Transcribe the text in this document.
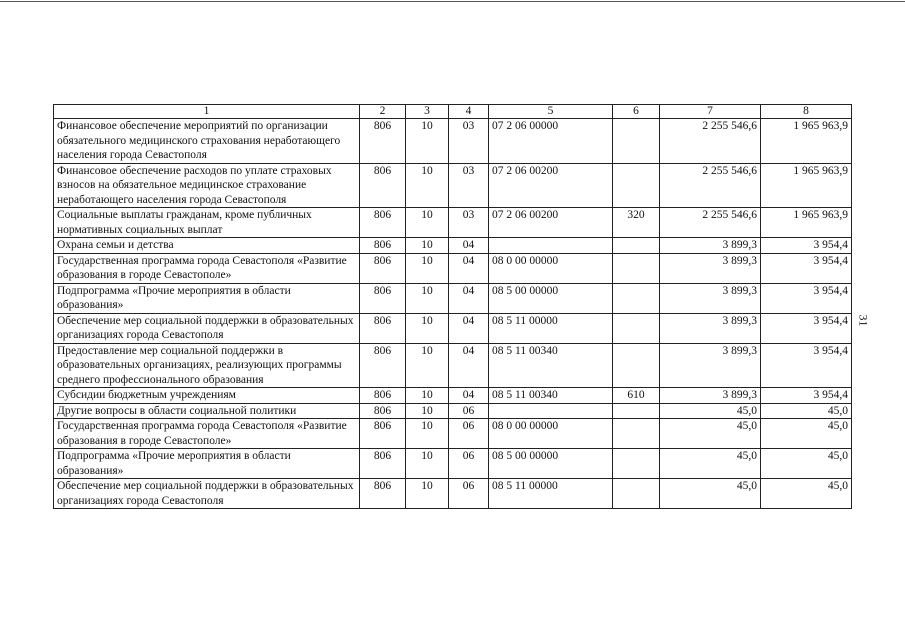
31
1	2	3	4	5	6	7	8
Финансовое обеспечение мероприятий по организации обязательного медицинского страхования неработающего населения города Севастополя	806	10	03	07 2 06 00000		2 255 546,6	1 965 963,9
Финансовое обеспечение расходов по уплате страховых взносов на обязательное медицинское страхование неработающего населения города Севастополя	806	10	03	07 2 06 00200		2 255 546,6	1 965 963,9
Социальные выплаты гражданам, кроме публичных нормативных социальных выплат	806	10	03	07 2 06 00200	320	2 255 546,6	1 965 963,9
Охрана семьи и детства	806	10	04			3 899,3	3 954,4
Государственная программа города Севастополя «Развитие образования в городе Севастополе»	806	10	04	08 0 00 00000		3 899,3	3 954,4
Подпрограмма «Прочие мероприятия в области образования»	806	10	04	08 5 00 00000		3 899,3	3 954,4
Обеспечение мер социальной поддержки в образовательных организациях города Севастополя	806	10	04	08 5 11 00000		3 899,3	3 954,4
Предоставление мер социальной поддержки в образовательных организациях, реализующих программы среднего профессионального образования	806	10	04	08 5 11 00340		3 899,3	3 954,4
Субсидии бюджетным учреждениям	806	10	04	08 5 11 00340	610	3 899,3	3 954,4
Другие вопросы в области социальной политики	806	10	06			45,0	45,0
Государственная программа города Севастополя «Развитие образования в городе Севастополе»	806	10	06	08 0 00 00000		45,0	45,0
Подпрограмма «Прочие мероприятия в области образования»	806	10	06	08 5 00 00000		45,0	45,0
Обеспечение мер социальной поддержки в образовательных организациях города Севастополя	806	10	06	08 5 11 00000		45,0	45,0
